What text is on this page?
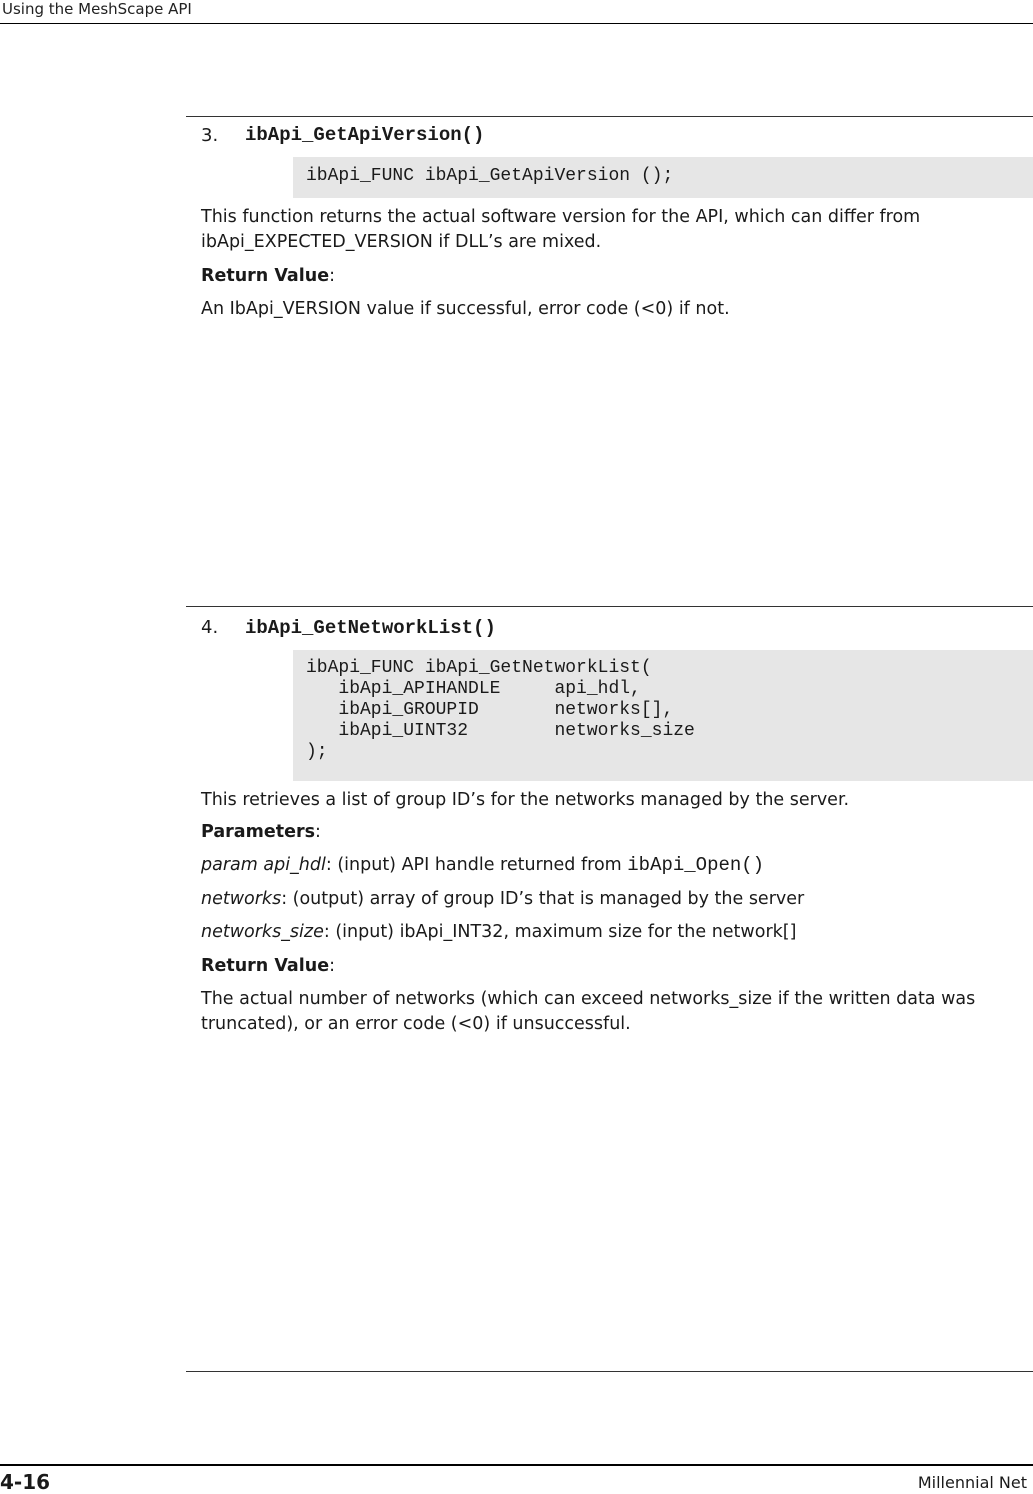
Using the MeshScape API
3. ibApi_GetApiVersion()
ibApi_FUNC ibApi_GetApiVersion ();
This function returns the actual software version for the API, which can differ from ibApi_EXPECTED_VERSION if DLL’s are mixed.
Return Value:
An IbApi_VERSION value if successful, error code (<0) if not.
4. ibApi_GetNetworkList()
ibApi_FUNC ibApi_GetNetworkList(
ibApi_APIHANDLE     api_hdl,
ibApi_GROUPID       networks[],
ibApi_UINT32        networks_size
);
This retrieves a list of group ID’s for the networks managed by the server.
Parameters:
param api_hdl: (input) API handle returned from ibApi_Open()
networks: (output) array of group ID’s that is managed by the server
networks_size: (input) ibApi_INT32, maximum size for the network[]
Return Value:
The actual number of networks (which can exceed networks_size if the written data was truncated), or an error code (<0) if unsuccessful.
4-16	Millennial Net
